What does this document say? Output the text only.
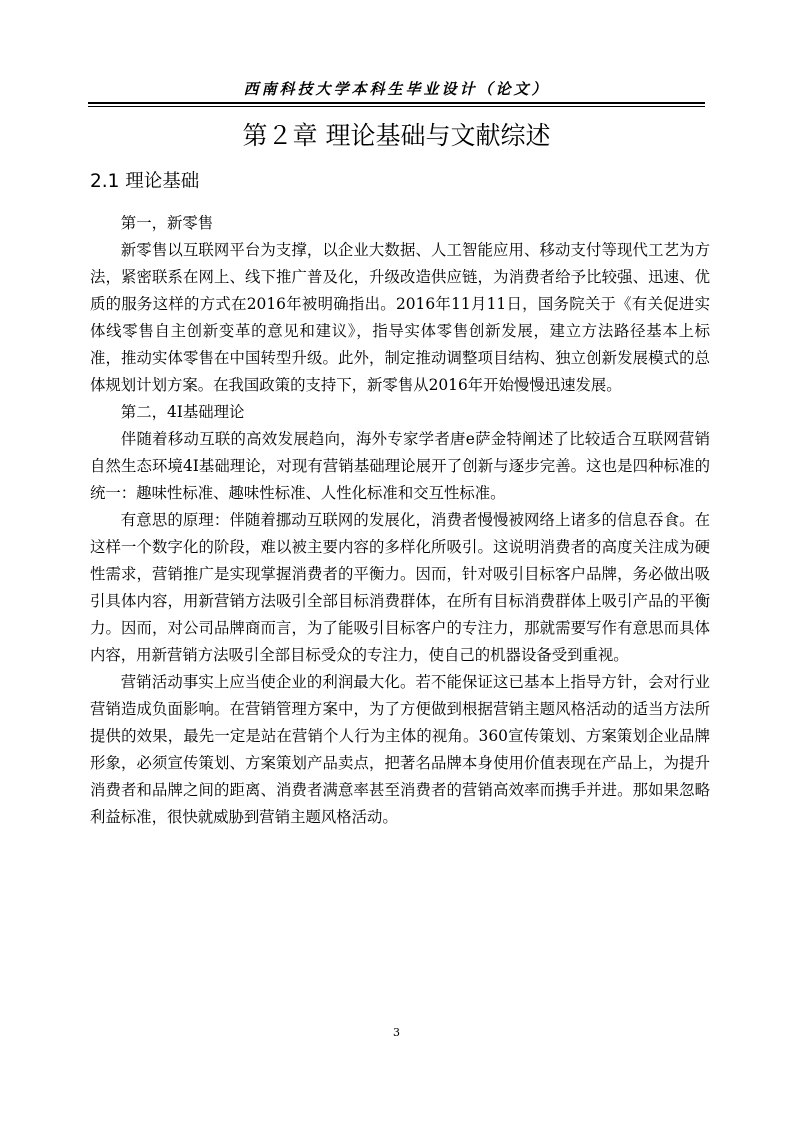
西南科技大学本科生毕业设计（论文）
第２章 理论基础与文献综述
2.1 理论基础

第一，新零售

新零售以互联网平台为支撑，以企业大数据、人工智能应用、移动支付等现代工艺为方法，紧密联系在网上、线下推广普及化，升级改造供应链，为消费者给予比较强、迅速、优质的服务这样的方式在2016年被明确指出。2016年11月11日，国务院关于《有关促进实体线零售自主创新变革的意见和建议》，指导实体零售创新发展，建立方法路径基本上标准，推动实体零售在中国转型升级。此外，制定推动调整项目结构、独立创新发展模式的总体规划计划方案。在我国政策的支持下，新零售从2016年开始慢慢迅速发展。

第二，4I基础理论

伴随着移动互联的高效发展趋向，海外专家学者唐e萨金特阐述了比较适合互联网营销自然生态环境4I基础理论，对现有营销基础理论展开了创新与逐步完善。这也是四种标准的统一：趣味性标准、趣味性标准、人性化标准和交互性标准。

有意思的原理：伴随着挪动互联网的发展化，消费者慢慢被网络上诸多的信息吞食。在这样一个数字化的阶段，难以被主要内容的多样化所吸引。这说明消费者的高度关注成为硬性需求，营销推广是实现掌握消费者的平衡力。因而，针对吸引目标客户品牌，务必做出吸引具体内容，用新营销方法吸引全部目标消费群体，在所有目标消费群体上吸引产品的平衡力。因而，对公司品牌商而言，为了能吸引目标客户的专注力，那就需要写作有意思而具体内容，用新营销方法吸引全部目标受众的专注力，使自己的机器设备受到重视。

营销活动事实上应当使企业的利润最大化。若不能保证这已基本上指导方针，会对行业营销造成负面影响。在营销管理方案中，为了方便做到根据营销主题风格活动的适当方法所提供的效果，最先一定是站在营销个人行为主体的视角。360宣传策划、方案策划企业品牌形象，必须宣传策划、方案策划产品卖点，把著名品牌本身使用价值表现在产品上，为提升消费者和品牌之间的距离、消费者满意率甚至消费者的营销高效率而携手并进。那如果忽略利益标准，很快就威胁到营销主题风格活动。

3
